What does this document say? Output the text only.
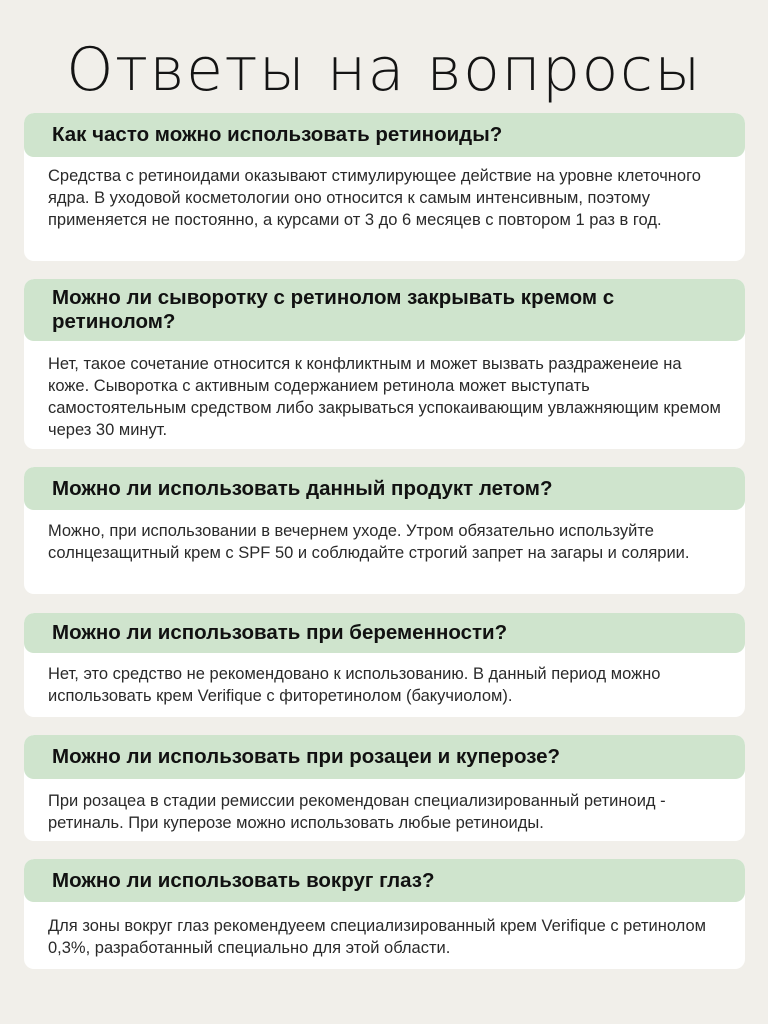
Ответы на вопросы
Как часто можно использовать ретиноиды?
Средства с ретиноидами оказывают стимулирующее действие на уровне клеточного ядра. В уходовой косметологии оно относится к самым интенсивным, поэтому применяется не постоянно, а курсами от 3 до 6 месяцев с повтором 1 раз в год.
Можно ли сыворотку с ретинолом закрывать кремом с ретинолом?
Нет, такое сочетание относится к конфликтным и может вызвать раздраженеие на коже. Сыворотка с активным содержанием ретинола может выступать самостоятельным средством либо закрываться успокаивающим увлажняющим кремом через 30 минут.
Можно ли использовать данный продукт летом?
Можно, при использовании в вечернем уходе. Утром обязательно используйте солнцезащитный крем с SPF 50 и соблюдайте строгий запрет на загары и солярии.
Можно ли использовать при беременности?
Нет, это средство не рекомендовано к использованию. В данный период можно использовать крем Verifique с фиторетинолом (бакучиолом).
Можно ли использовать при розацеи и куперозе?
При розацеа в стадии ремиссии рекомендован специализированный ретиноид - ретиналь. При куперозе можно использовать любые ретиноиды.
Можно ли использовать вокруг глаз?
Для зоны вокруг глаз рекомендуеем специализированный крем Verifique с ретинолом 0,3%, разработанный специально для этой области.
